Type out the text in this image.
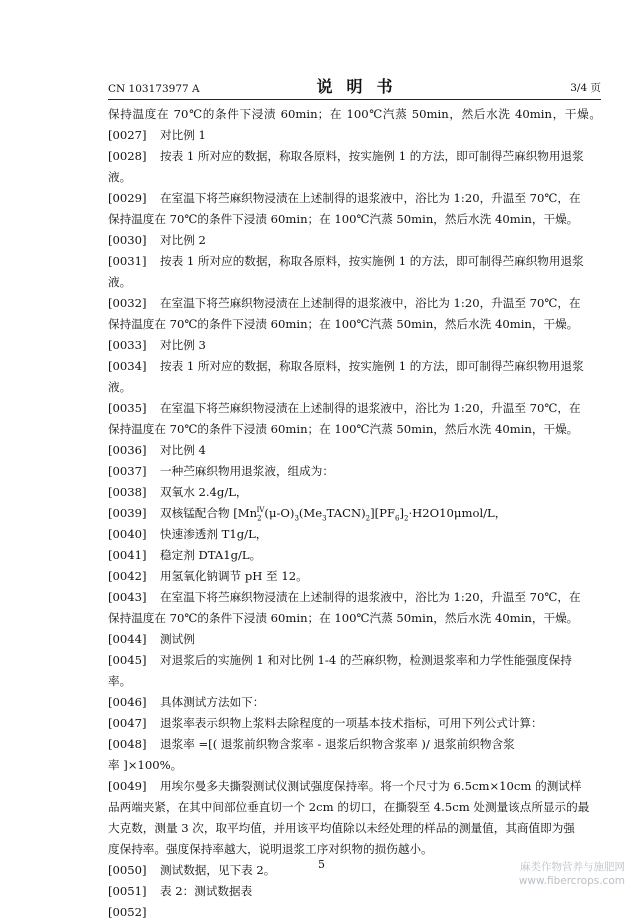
CN 103173977 A	说明书	3/4 页
保持温度在 70℃的条件下浸渍 60min；在 100℃汽蒸 50min，然后水洗 40min，干燥。
[0027] 对比例 1
[0028] 按表 1 所对应的数据，称取各原料，按实施例 1 的方法，即可制得苎麻织物用退浆
液。
[0029] 在室温下将苎麻织物浸渍在上述制得的退浆液中，浴比为 1:20，升温至 70℃，在
保持温度在 70℃的条件下浸渍 60min；在 100℃汽蒸 50min，然后水洗 40min，干燥。
[0030] 对比例 2
[0031] 按表 1 所对应的数据，称取各原料，按实施例 1 的方法，即可制得苎麻织物用退浆
液。
[0032] 在室温下将苎麻织物浸渍在上述制得的退浆液中，浴比为 1:20，升温至 70℃，在
保持温度在 70℃的条件下浸渍 60min；在 100℃汽蒸 50min，然后水洗 40min，干燥。
[0033] 对比例 3
[0034] 按表 1 所对应的数据，称取各原料，按实施例 1 的方法，即可制得苎麻织物用退浆
液。
[0035] 在室温下将苎麻织物浸渍在上述制得的退浆液中，浴比为 1:20，升温至 70℃，在
保持温度在 70℃的条件下浸渍 60min；在 100℃汽蒸 50min，然后水洗 40min，干燥。
[0036] 对比例 4
[0037] 一种苎麻织物用退浆液，组成为：
[0038] 双氧水 2.4g/L，
[0039] 双核锰配合物 $[Mn_2^{IV}(\mu-O)_3(Me_3TACN)_2][PF_6]_2\cdot H2O10\mu mol/L$，
[0040] 快速渗透剂 T1g/L，
[0041] 稳定剂 DTA1g/L。
[0042] 用氢氧化钠调节 pH 至 12。
[0043] 在室温下将苎麻织物浸渍在上述制得的退浆液中，浴比为 1:20，升温至 70℃，在
保持温度在 70℃的条件下浸渍 60min；在 100℃汽蒸 50min，然后水洗 40min，干燥。
[0044] 测试例
[0045] 对退浆后的实施例 1 和对比例 1-4 的苎麻织物，检测退浆率和力学性能强度保持
率。
[0046] 具体测试方法如下：
[0047] 退浆率表示织物上浆料去除程度的一项基本技术指标，可用下列公式计算：
[0048] 退浆率 =[( 退浆前织物含浆率 - 退浆后织物含浆率 )/ 退浆前织物含浆
率 ]×100%。
[0049] 用埃尔曼多夫撕裂测试仪测试强度保持率。将一个尺寸为 6.5cm×10cm 的测试样
品两端夹紧，在其中间部位垂直切一个 2cm 的切口，在撕裂至 4.5cm 处测量该点所显示的最
大克数，测量 3 次，取平均值，并用该平均值除以未经处理的样品的测量值，其商值即为强
度保持率。强度保持率越大，说明退浆工序对织物的损伤越小。
[0050] 测试数据，见下表 2。
[0051] 表 2：测试数据表
[0052]
5	麻类作物营养与施肥网
www.fibercrops.com
